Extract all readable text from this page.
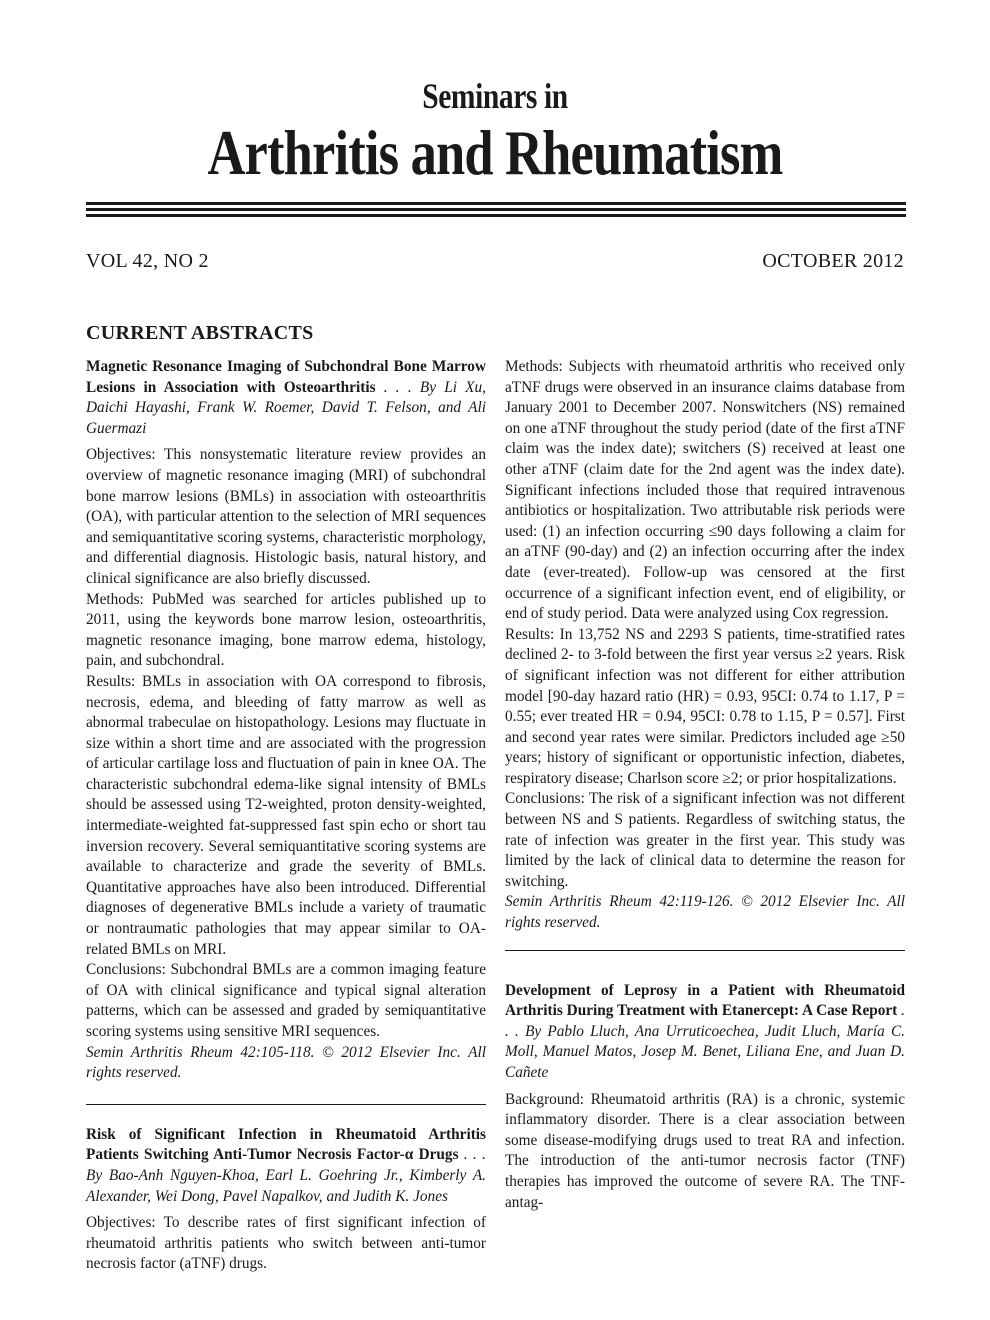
Seminars in
Arthritis and Rheumatism
VOL 42, NO 2	OCTOBER 2012
CURRENT ABSTRACTS
Magnetic Resonance Imaging of Subchondral Bone Marrow Lesions in Association with Osteoarthritis . . . By Li Xu, Daichi Hayashi, Frank W. Roemer, David T. Felson, and Ali Guermazi

Objectives: This nonsystematic literature review provides an overview of magnetic resonance imaging (MRI) of subchondral bone marrow lesions (BMLs) in association with osteoarthritis (OA), with particular attention to the selection of MRI sequences and semiquantitative scoring systems, characteristic morphology, and differential diagnosis. Histologic basis, natural history, and clinical significance are also briefly discussed.

Methods: PubMed was searched for articles published up to 2011, using the keywords bone marrow lesion, osteoarthritis, magnetic resonance imaging, bone marrow edema, histology, pain, and subchondral.

Results: BMLs in association with OA correspond to fibrosis, necrosis, edema, and bleeding of fatty marrow as well as abnormal trabeculae on histopathology. Lesions may fluctuate in size within a short time and are associated with the progression of articular cartilage loss and fluctuation of pain in knee OA. The characteristic subchondral edema-like signal intensity of BMLs should be assessed using T2-weighted, proton density-weighted, intermediate-weighted fat-suppressed fast spin echo or short tau inversion recovery. Several semiquantitative scoring systems are available to characterize and grade the severity of BMLs. Quantitative approaches have also been introduced. Differential diagnoses of degenerative BMLs include a variety of traumatic or nontraumatic pathologies that may appear similar to OA-related BMLs on MRI.

Conclusions: Subchondral BMLs are a common imaging feature of OA with clinical significance and typical signal alteration patterns, which can be assessed and graded by semiquantitative scoring systems using sensitive MRI sequences.

Semin Arthritis Rheum 42:105-118. © 2012 Elsevier Inc. All rights reserved.

Risk of Significant Infection in Rheumatoid Arthritis Patients Switching Anti-Tumor Necrosis Factor-α Drugs . . . By Bao-Anh Nguyen-Khoa, Earl L. Goehring Jr., Kimberly A. Alexander, Wei Dong, Pavel Napalkov, and Judith K. Jones

Objectives: To describe rates of first significant infection of rheumatoid arthritis patients who switch between anti-tumor necrosis factor (aTNF) drugs.

Methods: Subjects with rheumatoid arthritis who received only aTNF drugs were observed in an insurance claims database from January 2001 to December 2007. Nonswitchers (NS) remained on one aTNF throughout the study period (date of the first aTNF claim was the index date); switchers (S) received at least one other aTNF (claim date for the 2nd agent was the index date). Significant infections included those that required intravenous antibiotics or hospitalization. Two attributable risk periods were used: (1) an infection occurring ≤90 days following a claim for an aTNF (90-day) and (2) an infection occurring after the index date (ever-treated). Follow-up was censored at the first occurrence of a significant infection event, end of eligibility, or end of study period. Data were analyzed using Cox regression.

Results: In 13,752 NS and 2293 S patients, time-stratified rates declined 2- to 3-fold between the first year versus ≥2 years. Risk of significant infection was not different for either attribution model [90-day hazard ratio (HR) = 0.93, 95CI: 0.74 to 1.17, P = 0.55; ever treated HR = 0.94, 95CI: 0.78 to 1.15, P = 0.57]. First and second year rates were similar. Predictors included age ≥50 years; history of significant or opportunistic infection, diabetes, respiratory disease; Charlson score ≥2; or prior hospitalizations.

Conclusions: The risk of a significant infection was not different between NS and S patients. Regardless of switching status, the rate of infection was greater in the first year. This study was limited by the lack of clinical data to determine the reason for switching.

Semin Arthritis Rheum 42:119-126. © 2012 Elsevier Inc. All rights reserved.

Development of Leprosy in a Patient with Rheumatoid Arthritis During Treatment with Etanercept: A Case Report . . . By Pablo Lluch, Ana Urruticoechea, Judit Lluch, María C. Moll, Manuel Matos, Josep M. Benet, Liliana Ene, and Juan D. Cañete

Background: Rheumatoid arthritis (RA) is a chronic, systemic inflammatory disorder. There is a clear association between some disease-modifying drugs used to treat RA and infection. The introduction of the anti-tumor necrosis factor (TNF) therapies has improved the outcome of severe RA. The TNF-antag-
